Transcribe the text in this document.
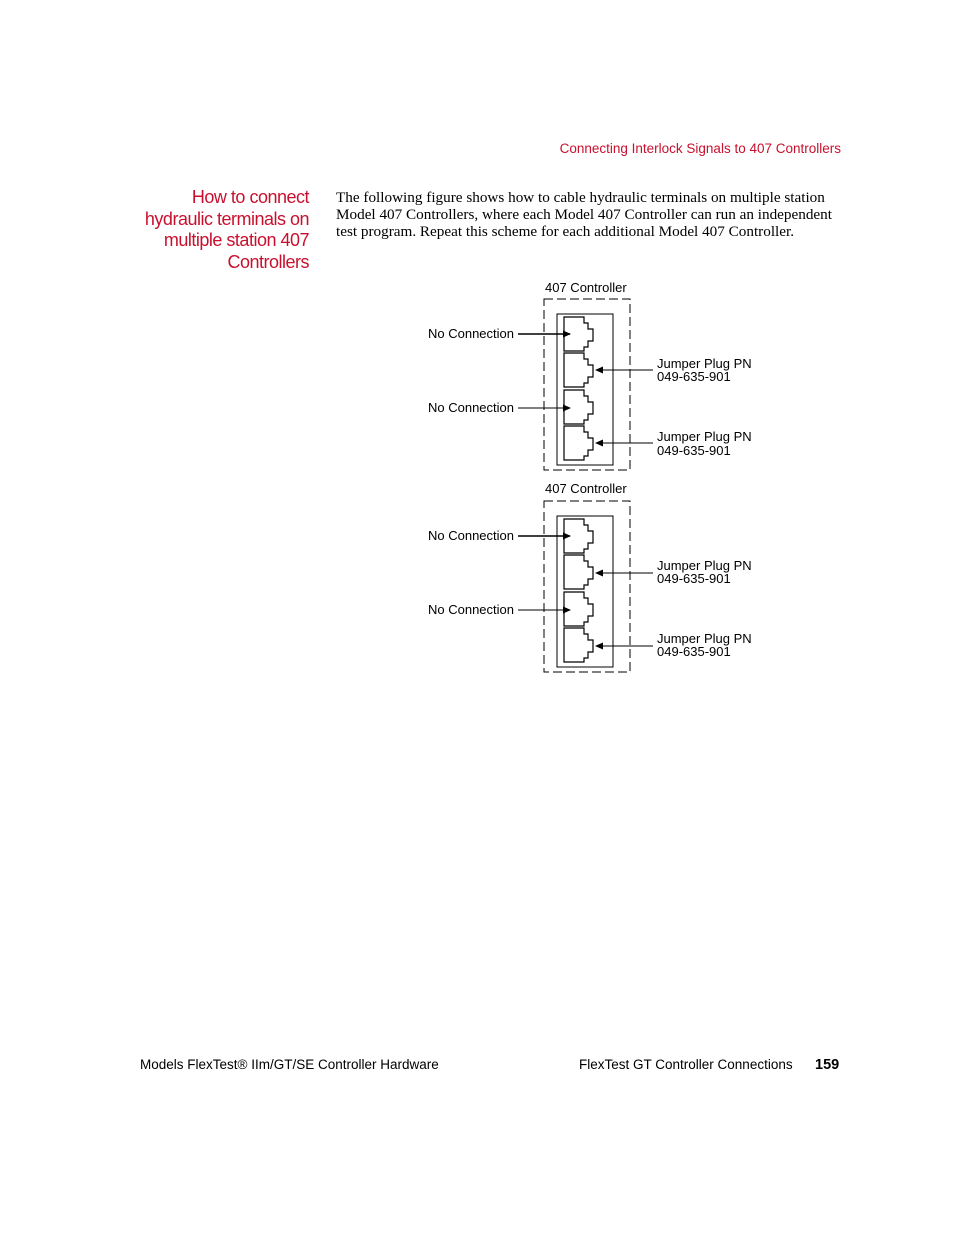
Connecting Interlock Signals to 407 Controllers
How to connect
hydraulic terminals on
multiple station 407
Controllers
The following figure shows how to cable hydraulic terminals on multiple station
Model 407 Controllers, where each Model 407 Controller can run an independent
test program. Repeat this scheme for each additional Model 407 Controller.
407 Controller
No Connection
Jumper Plug PN
049-635-901
No Connection
Jumper Plug PN
049-635-901
407 Controller
No Connection
Jumper Plug PN
049-635-901
No Connection
Jumper Plug PN
049-635-901
Models FlexTest® IIm/GT/SE Controller Hardware	FlexTest GT Controller Connections 159
